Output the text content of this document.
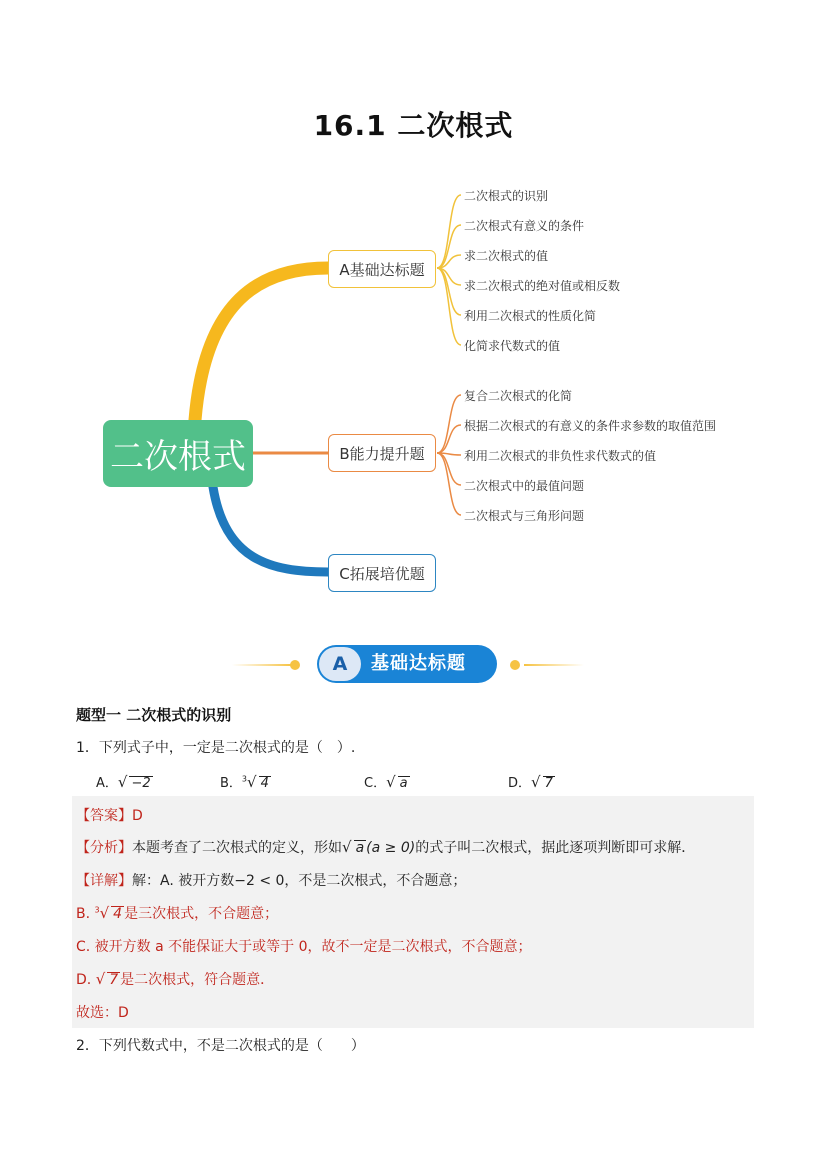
16.1 二次根式
二次根式
A基础达标题
B能力提升题
C拓展培优题
二次根式的识别
二次根式有意义的条件
求二次根式的值
求二次根式的绝对值或相反数
利用二次根式的性质化简
化简求代数式的值
复合二次根式的化简
根据二次根式的有意义的条件求参数的取值范围
利用二次根式的非负性求代数式的值
二次根式中的最值问题
二次根式与三角形问题
A	基础达标题
题型一 二次根式的识别
1．下列式子中，一定是二次根式的是（　）.
A．√ −2	B．$^3$√ 4	C．√ a	D．√ 7
【答案】D
【分析】本题考查了二次根式的定义，形如√ a (a ≥ 0)的式子叫二次根式，据此逐项判断即可求解．
【详解】解：A. 被开方数−2 < 0，不是二次根式，不合题意；
B. $^3$√ 4 是三次根式，不合题意；
C. 被开方数 a 不能保证大于或等于 0，故不一定是二次根式，不合题意；
D. √ 7 是二次根式，符合题意．
故选：D
2．下列代数式中，不是二次根式的是（　　）
